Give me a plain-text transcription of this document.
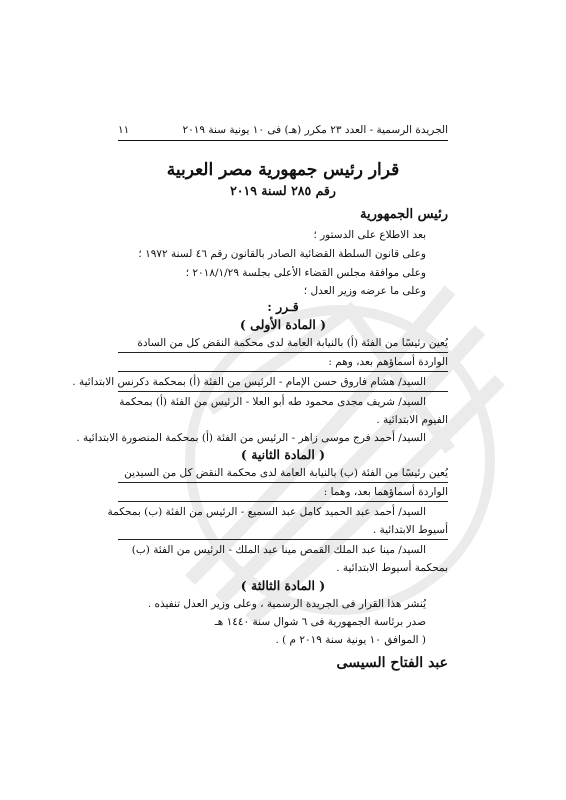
الجريدة الرسمية - العدد ٢٣ مكرر (هـ) فى ١٠ يونية سنة ٢٠١٩
١١
قرار رئيس جمهورية مصر العربية
رقم ٢٨٥ لسنة ٢٠١٩
رئيس الجمهورية
بعد الاطلاع على الدستور ؛
وعلى قانون السلطة القضائية الصادر بالقانون رقم ٤٦ لسنة ١٩٧٢ ؛
وعلى موافقة مجلس القضاء الأعلى بجلسة ٢٠١٨/١/٢٩ ؛
وعلى ما عرضه وزير العدل ؛
قـرر :
( المادة الأولى )
يُعين رئيسًا من الفئة (أ) بالنيابة العامة لدى محكمة النقض كل من السادة
الواردة أسماؤهم بعد، وهم :
السيد/ هشام فاروق حسن الإمام - الرئيس من الفئة (أ) بمحكمة دكرنس الابتدائية .
السيد/ شريف مجدى محمود طه أبو العلا - الرئيس من الفئة (أ) بمحكمة
الفيوم الابتدائية .
السيد/ أحمد فرج موسى زاهر - الرئيس من الفئة (أ) بمحكمة المنصورة الابتدائية .
( المادة الثانية )
يُعين رئيسًا من الفئة (ب) بالنيابة العامة لدى محكمة النقض كل من السيدين
الواردة أسماؤهما بعد، وهما :
السيد/ أحمد عبد الحميد كامل عبد السميع - الرئيس من الفئة (ب) بمحكمة
أسيوط الابتدائية .
السيد/ مينا عبد الملك القمص مينا عبد الملك - الرئيس من الفئة (ب)
بمحكمة أسيوط الابتدائية .
( المادة الثالثة )
يُنشر هذا القرار فى الجريدة الرسمية ، وعلى وزير العدل تنفيذه .
صدر برئاسة الجمهورية فى ٦ شوال سنة ١٤٤٠ هـ
( الموافق ١٠ يونية سنة ٢٠١٩ م ) .
عبد الفتاح السيسى
